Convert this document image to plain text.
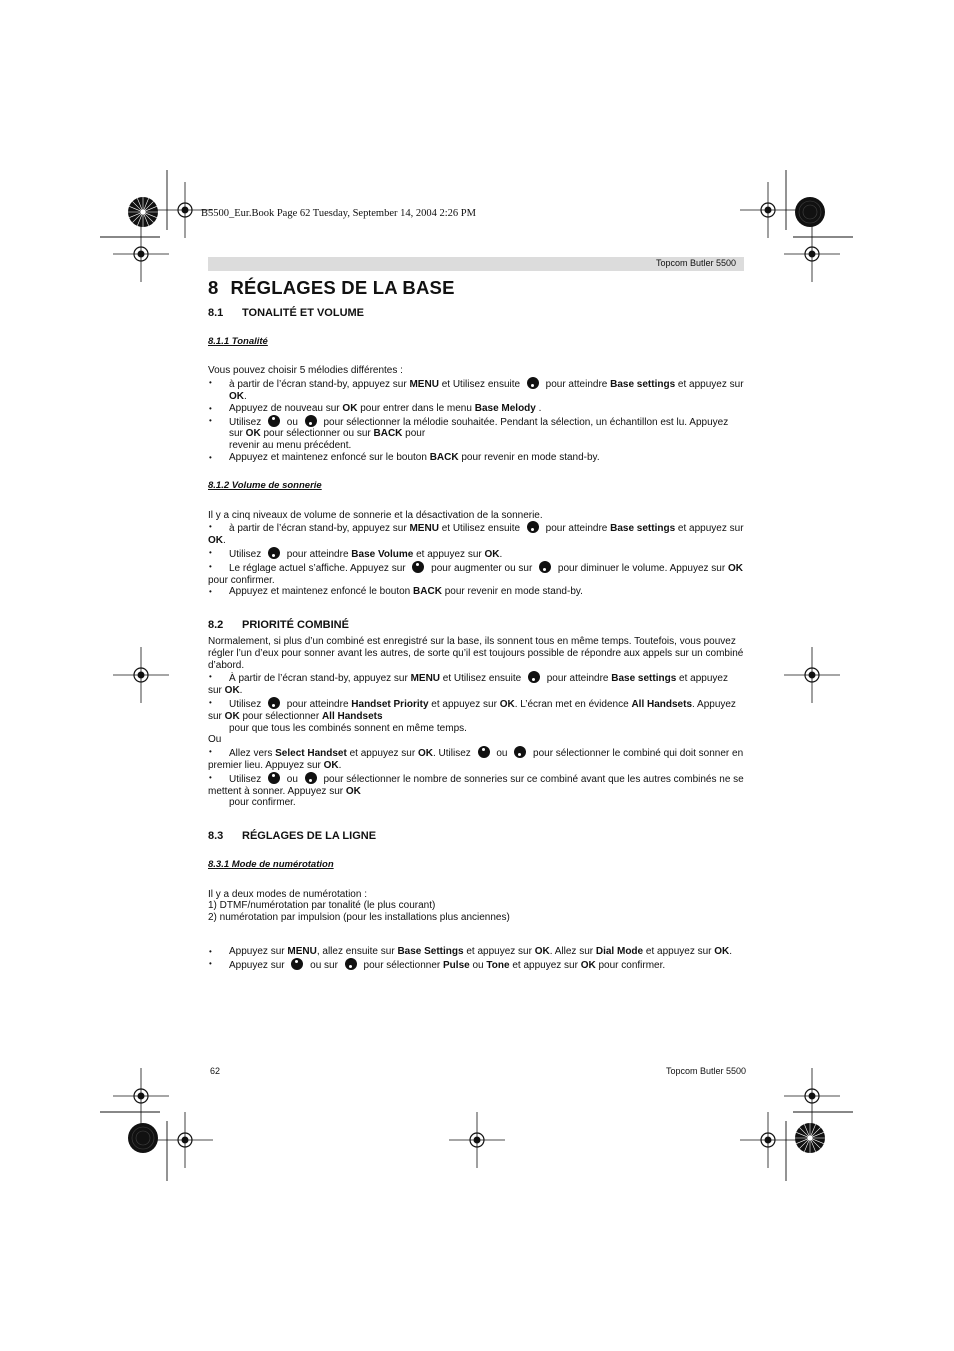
B5500_Eur.Book Page 62 Tuesday, September 14, 2004 2:26 PM
Topcom Butler 5500
8 RÉGLAGES DE LA BASE
8.1 TONALITÉ ET VOLUME
8.1.1 Tonalité

Vous pouvez choisir 5 mélodies différentes :

• à partir de l’écran stand-by, appuyez sur MENU et Utilisez ensuite  pour atteindre Base settings et appuyez sur OK.

• Appuyez de nouveau sur OK pour entrer dans le menu Base Melody .

• Utilisez  ou  pour sélectionner la mélodie souhaitée. Pendant la sélection, un échantillon est lu. Appuyez sur OK pour sélectionner ou sur BACK pour
revenir au menu précédent.

• Appuyez et maintenez enfoncé sur le bouton BACK pour revenir en mode stand-by.

8.1.2 Volume de sonnerie

Il y a cinq niveaux de volume de sonnerie et la désactivation de la sonnerie.

• à partir de l’écran stand-by, appuyez sur MENU et Utilisez ensuite  pour atteindre Base settings et appuyez sur OK.

• Utilisez  pour atteindre Base Volume et appuyez sur OK.

• Le réglage actuel s’affiche. Appuyez sur  pour augmenter ou sur  pour diminuer le volume. Appuyez sur OK pour confirmer.

• Appuyez et maintenez enfoncé le bouton BACK pour revenir en mode stand-by.

8.2 PRIORITÉ COMBINÉ

Normalement, si plus d’un combiné est enregistré sur la base, ils sonnent tous en même temps. Toutefois, vous pouvez régler l’un d’eux pour sonner avant les autres, de sorte qu’il est toujours possible de répondre aux appels sur un combiné d’abord.

• À partir de l’écran stand-by, appuyez sur MENU et Utilisez ensuite  pour atteindre Base settings et appuyez sur OK.

• Utilisez  pour atteindre Handset Priority et appuyez sur OK. L’écran met en évidence All Handsets. Appuyez sur OK pour sélectionner All Handsets

pour que tous les combinés sonnent en même temps.

Ou

• Allez vers Select Handset et appuyez sur OK. Utilisez  ou  pour sélectionner le combiné qui doit sonner en premier lieu. Appuyez sur OK.

• Utilisez  ou  pour sélectionner le nombre de sonneries sur ce combiné avant que les autres combinés ne se mettent à sonner. Appuyez sur OK

pour confirmer.

8.3 RÉGLAGES DE LA LIGNE
8.3.1 Mode de numérotation

Il y a deux modes de numérotation :

1) DTMF/numérotation par tonalité (le plus courant)

2) numérotation par impulsion (pour les installations plus anciennes)

• Appuyez sur MENU, allez ensuite sur Base Settings et appuyez sur OK. Allez sur Dial Mode et appuyez sur OK.

• Appuyez sur  ou sur  pour sélectionner Pulse ou Tone et appuyez sur OK pour confirmer.

62	Topcom Butler 5500
